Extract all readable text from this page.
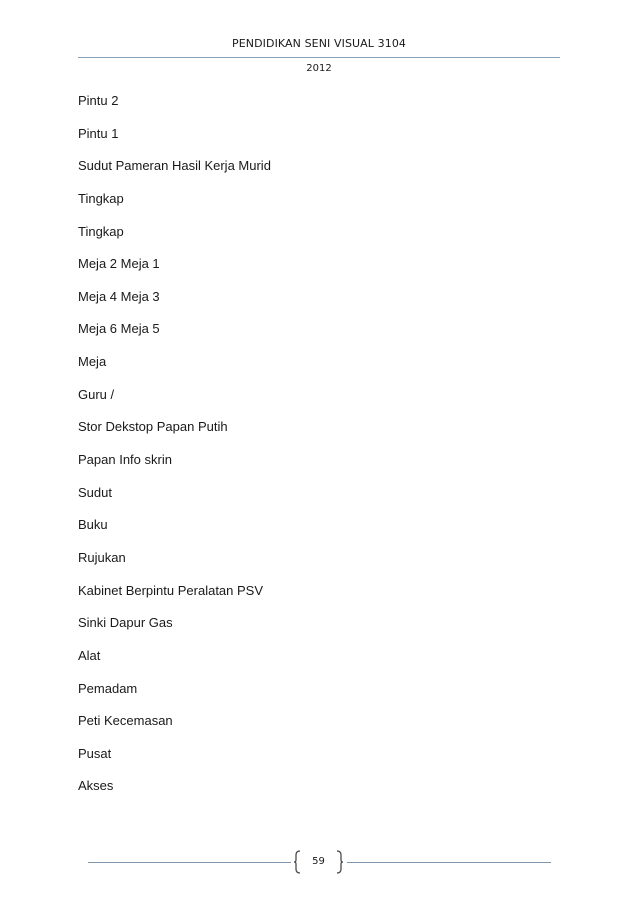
PENDIDIKAN SENI VISUAL 3104
2012
Pintu 2
Pintu 1
Sudut Pameran Hasil Kerja Murid
Tingkap
Tingkap
Meja 2 Meja 1
Meja 4 Meja 3
Meja 6 Meja 5
Meja
Guru /
Stor Dekstop Papan Putih
Papan Info skrin
Sudut
Buku
Rujukan
Kabinet Berpintu Peralatan PSV
Sinki Dapur Gas
Alat
Pemadam
Peti Kecemasan
Pusat
Akses
59
